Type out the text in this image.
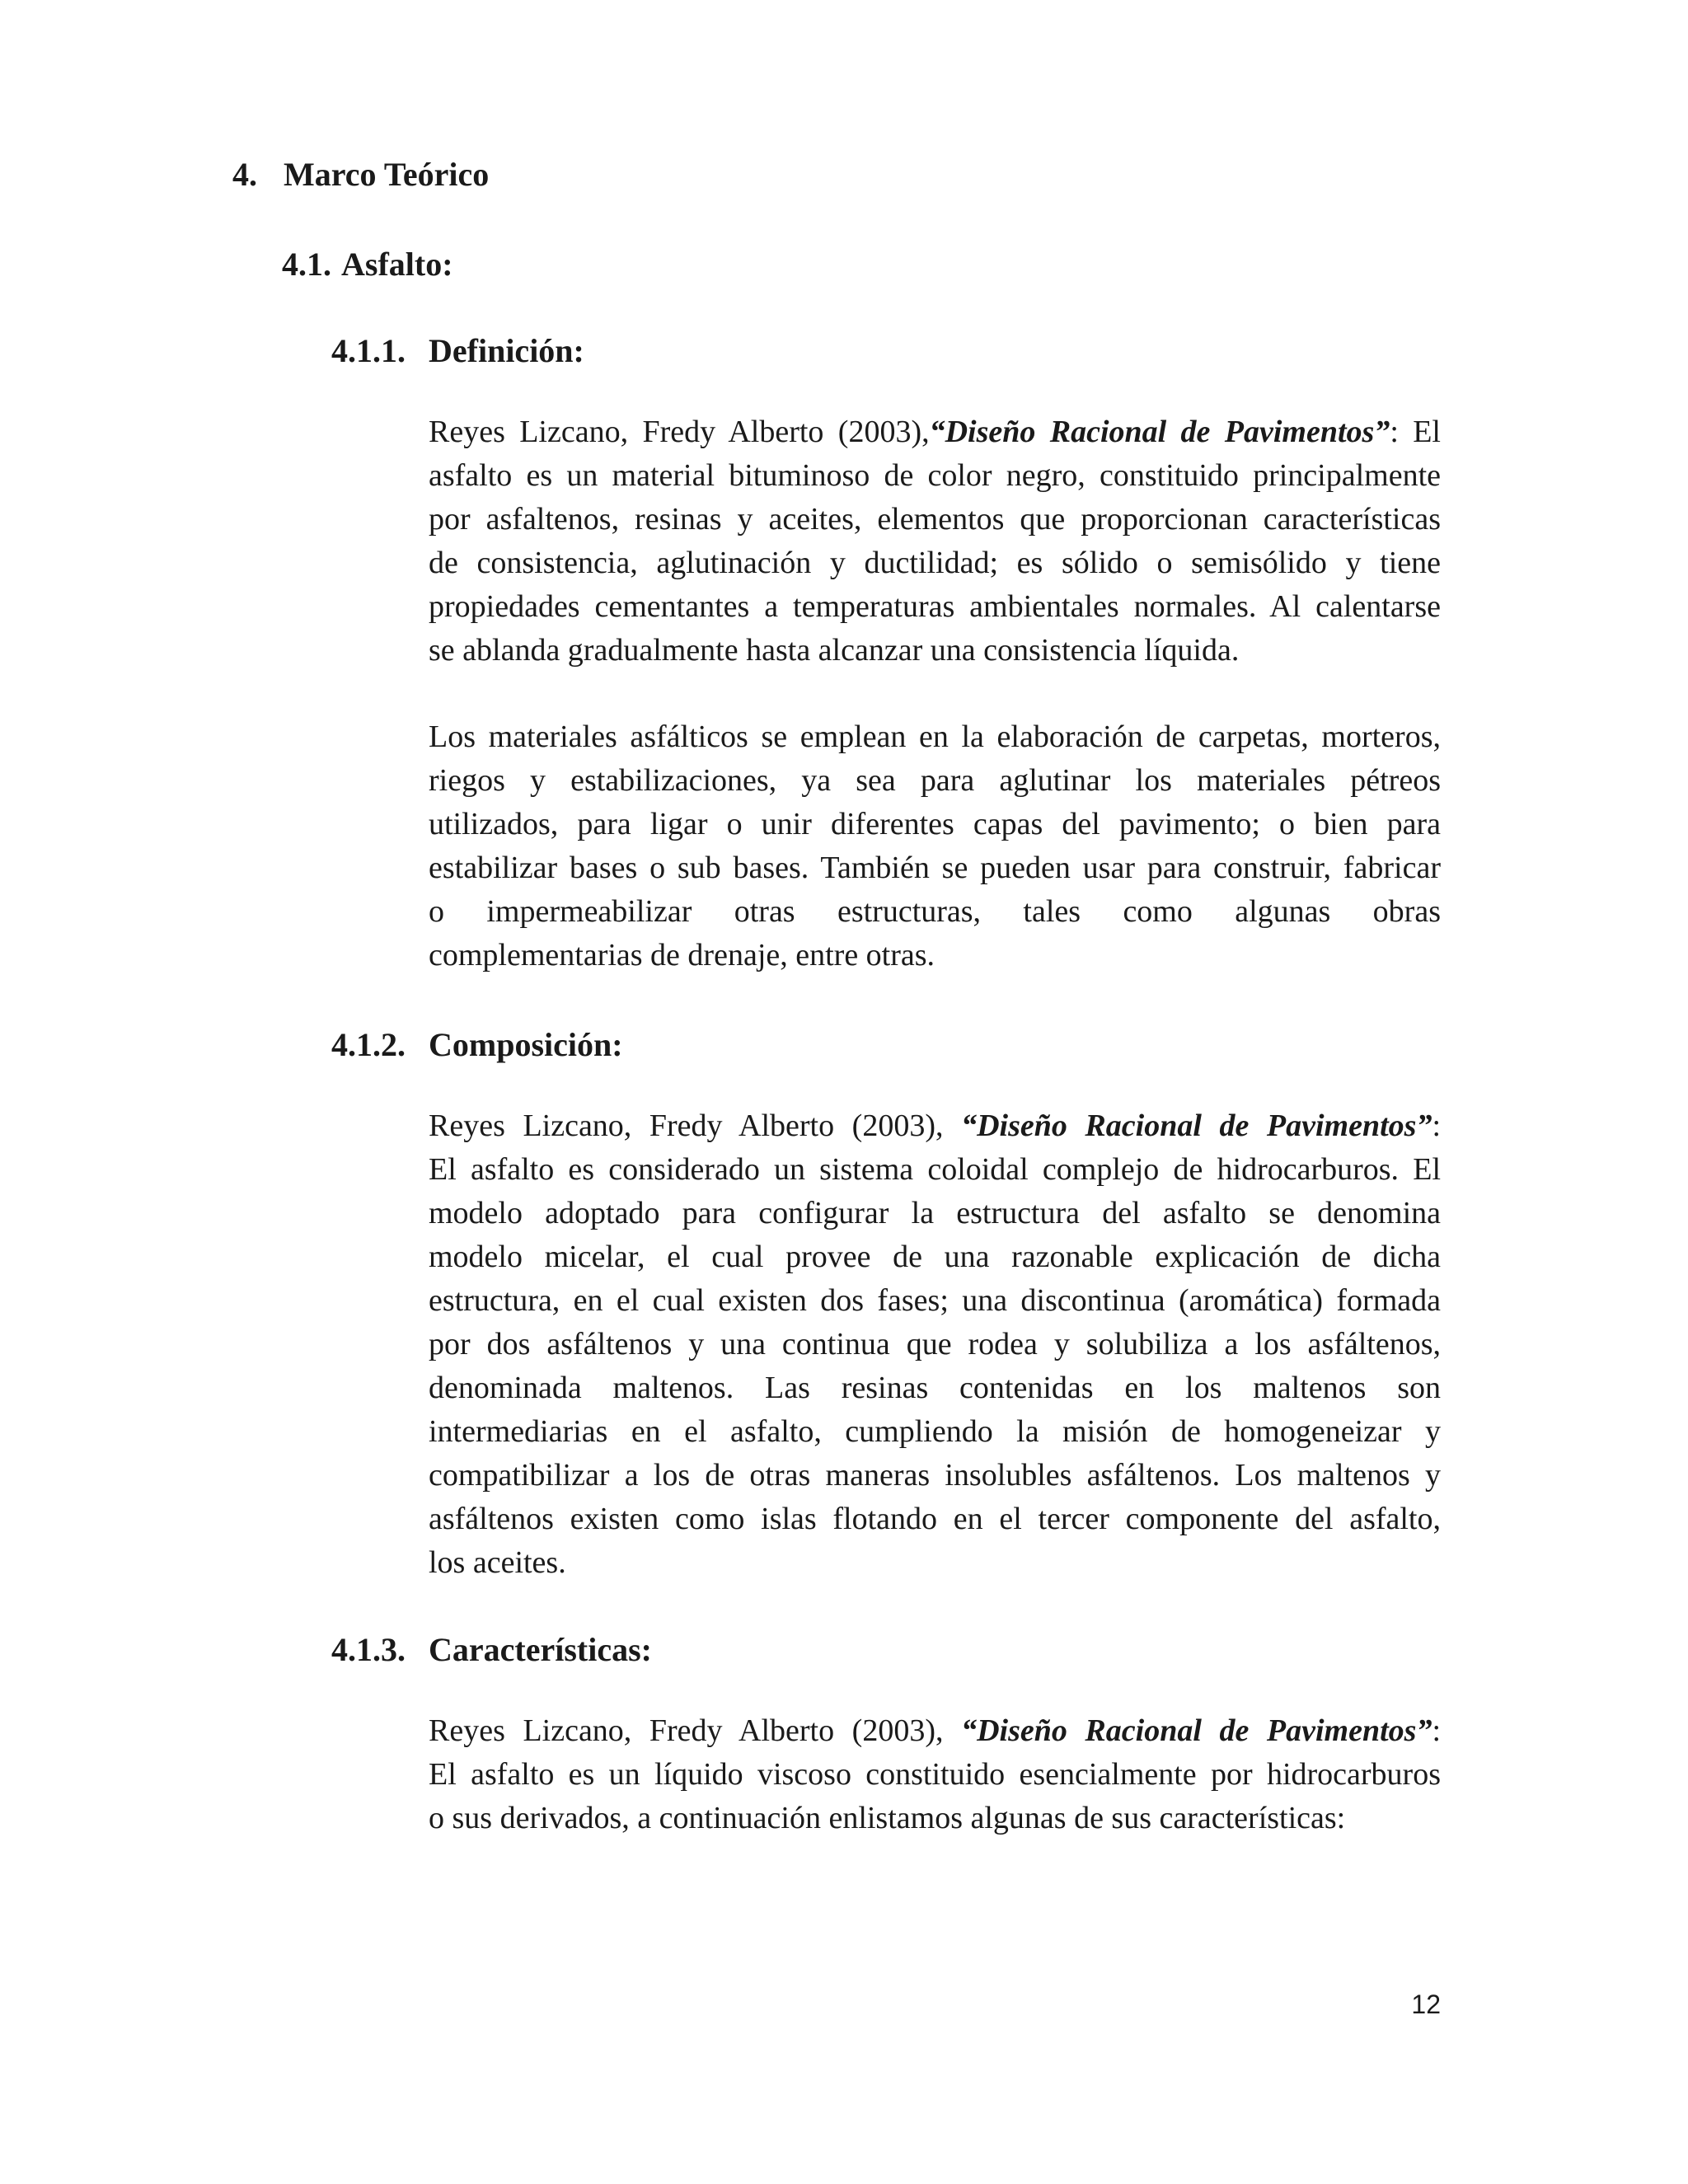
4. Marco Teórico
4.1. Asfalto:
4.1.1. Definición:
Reyes Lizcano, Fredy Alberto (2003),“Diseño Racional de Pavimentos”: El
asfalto es un material bituminoso de color negro, constituido principalmente
por asfaltenos, resinas y aceites, elementos que proporcionan características
de consistencia, aglutinación y ductilidad; es sólido o semisólido y tiene
propiedades cementantes a temperaturas ambientales normales. Al calentarse
se ablanda gradualmente hasta alcanzar una consistencia líquida.
Los materiales asfálticos se emplean en la elaboración de carpetas, morteros,
riegos y estabilizaciones, ya sea para aglutinar los materiales pétreos
utilizados, para ligar o unir diferentes capas del pavimento; o bien para
estabilizar bases o sub bases. También se pueden usar para construir, fabricar
o impermeabilizar otras estructuras, tales como algunas obras
complementarias de drenaje, entre otras.
4.1.2. Composición:
Reyes Lizcano, Fredy Alberto (2003), “Diseño Racional de Pavimentos”:
El asfalto es considerado un sistema coloidal complejo de hidrocarburos. El
modelo adoptado para configurar la estructura del asfalto se denomina
modelo micelar, el cual provee de una razonable explicación de dicha
estructura, en el cual existen dos fases; una discontinua (aromática) formada
por dos asfáltenos y una continua que rodea y solubiliza a los asfáltenos,
denominada maltenos. Las resinas contenidas en los maltenos son
intermediarias en el asfalto, cumpliendo la misión de homogeneizar y
compatibilizar a los de otras maneras insolubles asfáltenos. Los maltenos y
asfáltenos existen como islas flotando en el tercer componente del asfalto,
los aceites.
4.1.3. Características:
Reyes Lizcano, Fredy Alberto (2003), “Diseño Racional de Pavimentos”:
El asfalto es un líquido viscoso constituido esencialmente por hidrocarburos
o sus derivados, a continuación enlistamos algunas de sus características:
12
